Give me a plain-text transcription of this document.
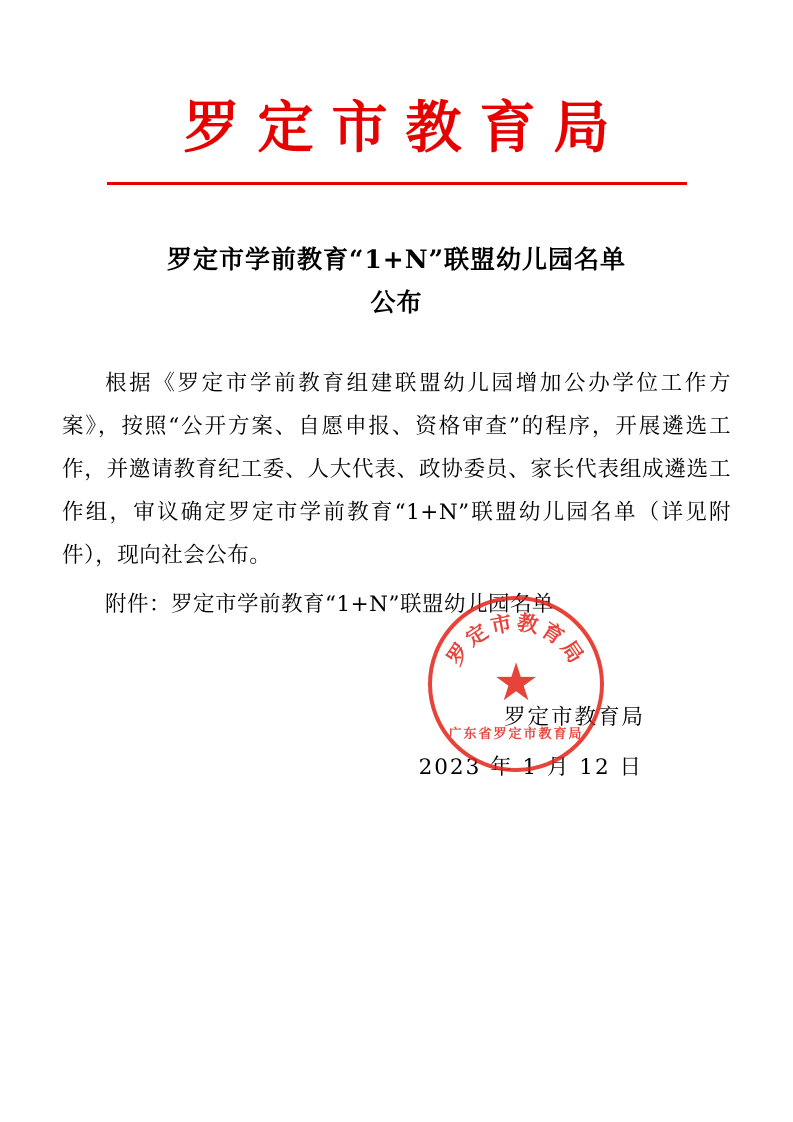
罗定市教育局
罗定市学前教育“1+N”联盟幼儿园名单
公布

根据《罗定市学前教育组建联盟幼儿园增加公办学位工作方案》，按照“公开方案、自愿申报、资格审查”的程序，开展遴选工作，并邀请教育纪工委、人大代表、政协委员、家长代表组成遴选工作组，审议确定罗定市学前教育“1+N”联盟幼儿园名单（详见附件），现向社会公布。

附件：罗定市学前教育“1+N”联盟幼儿园名单
罗定市教育局
2023 年 1 月 12 日
罗定市教育局
★
广东省罗定市教育局
